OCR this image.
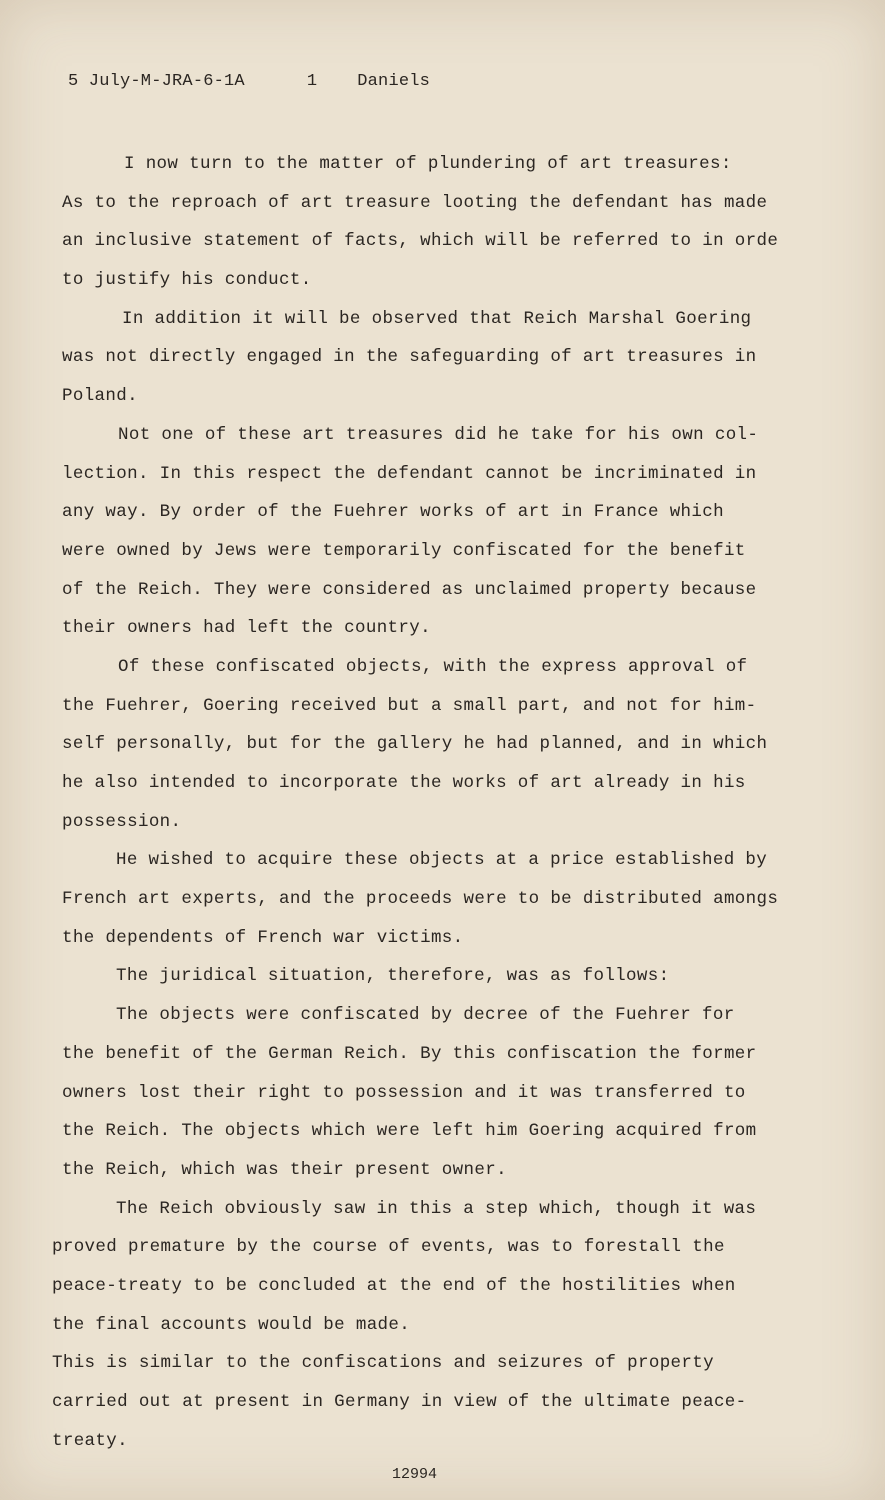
5 July-M-JRA-6-1A	1 Daniels
I now turn to the matter of plundering of art treasures:
As to the reproach of art treasure looting the defendant has made
an inclusive statement of facts, which will be referred to in orde
to justify his conduct.
In addition it will be observed that Reich Marshal Goering
was not directly engaged in the safeguarding of art treasures in
Poland.
Not one of these art treasures did he take for his own col-
lection. In this respect the defendant cannot be incriminated in
any way. By order of the Fuehrer works of art in France which
were owned by Jews were temporarily confiscated for the benefit
of the Reich. They were considered as unclaimed property because
their owners had left the country.
Of these confiscated objects, with the express approval of
the Fuehrer, Goering received but a small part, and not for him-
self personally, but for the gallery he had planned, and in which
he also intended to incorporate the works of art already in his
possession.
He wished to acquire these objects at a price established by
French art experts, and the proceeds were to be distributed amongs
the dependents of French war victims.
The juridical situation, therefore, was as follows:
The objects were confiscated by decree of the Fuehrer for
the benefit of the German Reich. By this confiscation the former
owners lost their right to possession and it was transferred to
the Reich. The objects which were left him Goering acquired from
the Reich, which was their present owner.
The Reich obviously saw in this a step which, though it was
proved premature by the course of events, was to forestall the
peace-treaty to be concluded at the end of the hostilities when
the final accounts would be made.
This is similar to the confiscations and seizures of property
carried out at present in Germany in view of the ultimate peace-
treaty.
12994
